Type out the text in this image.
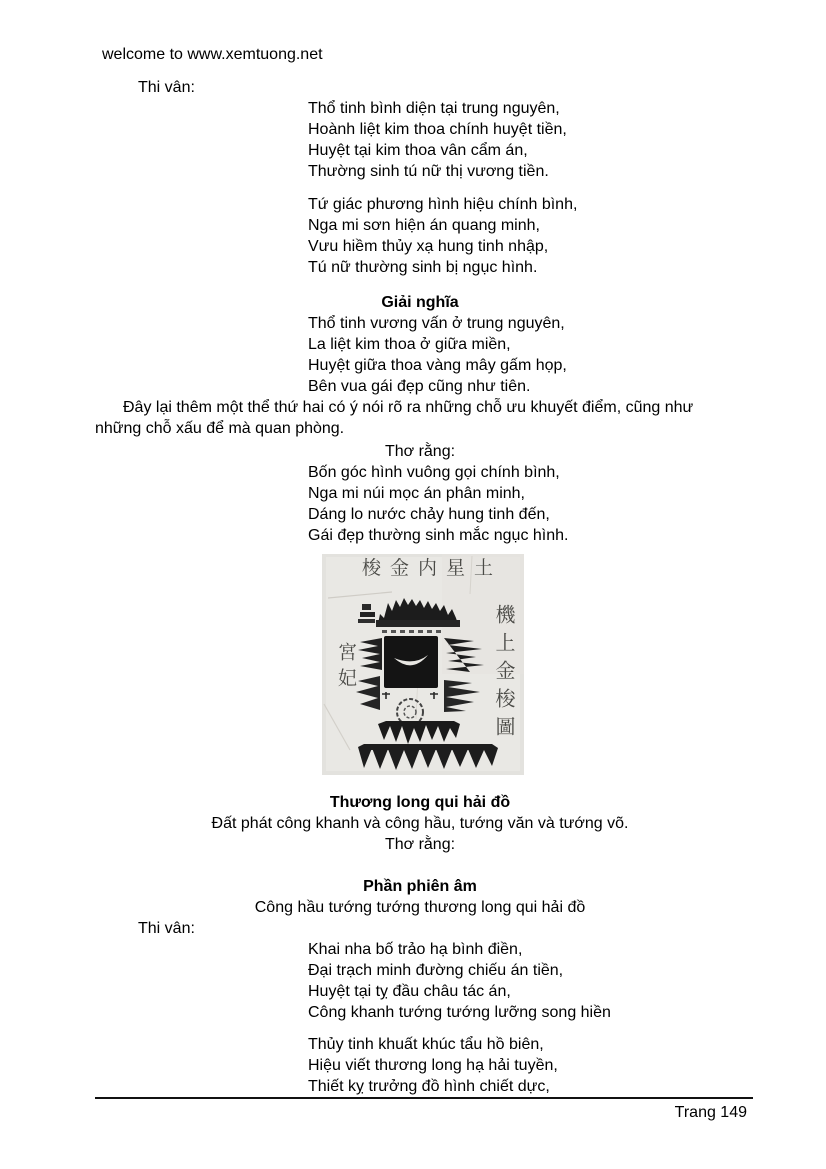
welcome to www.xemtuong.net
Thi vân:
Thổ tinh bình diện tại trung nguyên,
Hoành liệt kim thoa chính huyệt tiền,
Huyệt tại kim thoa vân cẩm án,
Thường sinh tú nữ thị vương tiền.
Tứ giác phương hình hiệu chính bình,
Nga mi sơn hiện án quang minh,
Vưu hiềm thủy xạ hung tinh nhập,
Tú nữ thường sinh bị ngục hình.
Giải nghĩa
Thổ tinh vương vấn ở trung nguyên,
La liệt kim thoa ở giữa miền,
Huyệt giữa thoa vàng mây gấm họp,
Bên vua gái đẹp cũng như tiên.
Đây lại thêm một thể thứ hai có ý nói rõ ra những chỗ ưu khuyết điểm, cũng như
những chỗ xấu để mà quan phòng.
Thơ rằng:
Bốn góc hình vuông gọi chính bình,
Nga mi núi mọc án phân minh,
Dáng lo nước chảy hung tinh đến,
Gái đẹp thường sinh mắc ngục hình.
梭金内星土
機上金梭圖
宮妃
Thương long qui hải đồ
Đất phát công khanh và công hầu, tướng văn và tướng võ.
Thơ rằng:
Phần phiên âm
Công hầu tướng tướng thương long qui hải đồ
Thi vân:
Khai nha bố trảo hạ bình điền,
Đại trạch minh đường chiếu án tiền,
Huyệt tại tỵ đầu châu tác án,
Công khanh tướng tướng lưỡng song hiền
Thủy tinh khuất khúc tẩu hồ biên,
Hiệu viết thương long hạ hải tuyền,
Thiết kỵ trưởng đồ hình chiết dực,
Trang 149
